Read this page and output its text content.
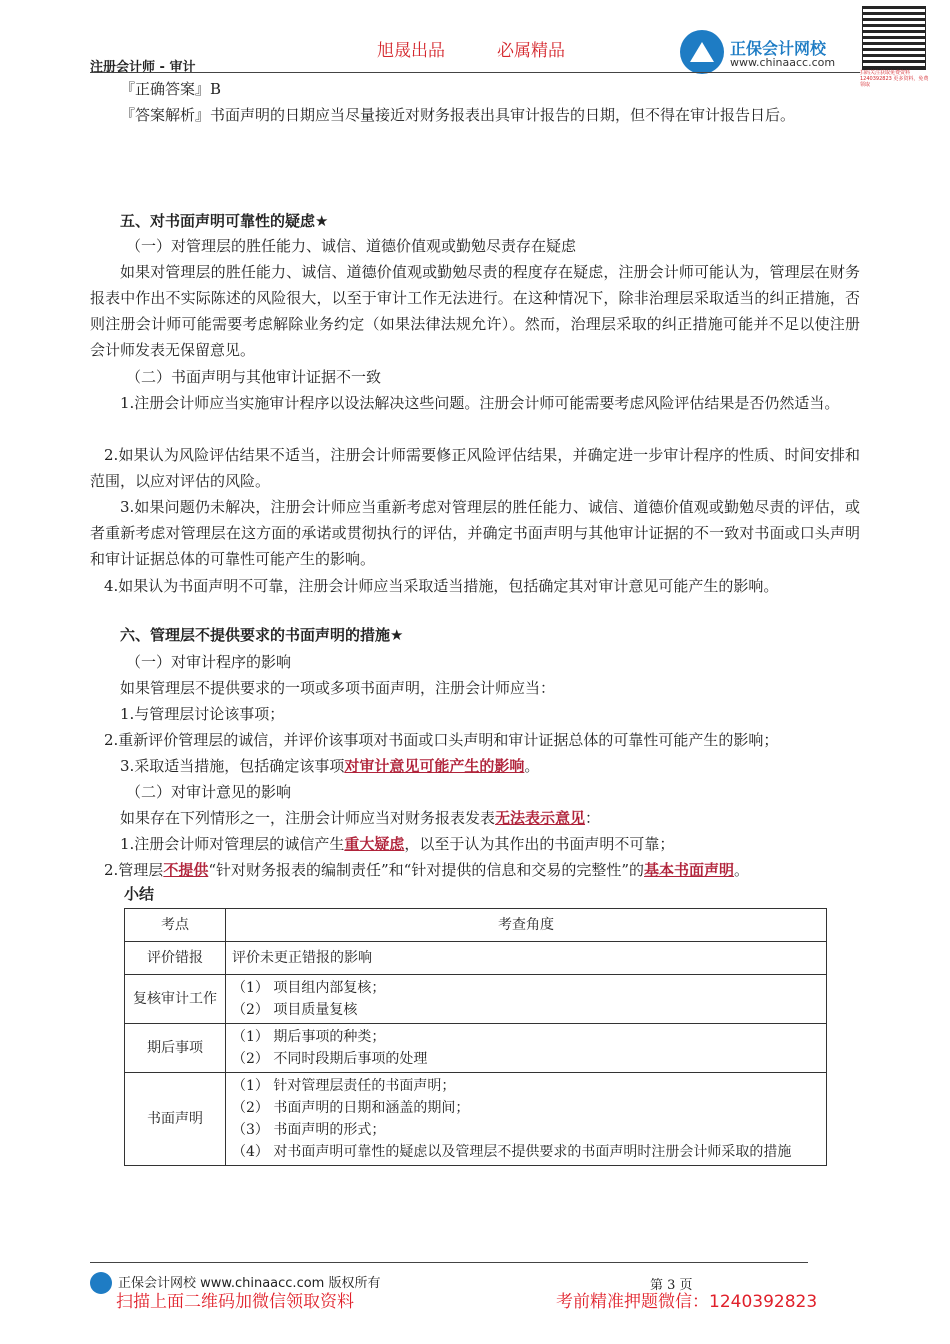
旭晟出品	必属精品
注册会计师 - 审计
正保会计网校
www.chinaacc.com
扫码关注获取免费资料 1240392823 更多资料，免费领取
『正确答案』B
『答案解析』书面声明的日期应当尽量接近对财务报表出具审计报告的日期，但不得在审计报告日后。
五、对书面声明可靠性的疑虑★
（一）对管理层的胜任能力、诚信、道德价值观或勤勉尽责存在疑虑
如果对管理层的胜任能力、诚信、道德价值观或勤勉尽责的程度存在疑虑，注册会计师可能认为，管理层在财务报表中作出不实际陈述的风险很大，以至于审计工作无法进行。在这种情况下，除非治理层采取适当的纠正措施，否则注册会计师可能需要考虑解除业务约定（如果法律法规允许）。然而，治理层采取的纠正措施可能并不足以使注册会计师发表无保留意见。
（二）书面声明与其他审计证据不一致
1.注册会计师应当实施审计程序以设法解决这些问题。注册会计师可能需要考虑风险评估结果是否仍然适当。
2.如果认为风险评估结果不适当，注册会计师需要修正风险评估结果，并确定进一步审计程序的性质、时间安排和范围，以应对评估的风险。
3.如果问题仍未解决，注册会计师应当重新考虑对管理层的胜任能力、诚信、道德价值观或勤勉尽责的评估，或者重新考虑对管理层在这方面的承诺或贯彻执行的评估，并确定书面声明与其他审计证据的不一致对书面或口头声明和审计证据总体的可靠性可能产生的影响。
4.如果认为书面声明不可靠，注册会计师应当采取适当措施，包括确定其对审计意见可能产生的影响。
六、管理层不提供要求的书面声明的措施★
（一）对审计程序的影响
如果管理层不提供要求的一项或多项书面声明，注册会计师应当：
1.与管理层讨论该事项；
2.重新评价管理层的诚信，并评价该事项对书面或口头声明和审计证据总体的可靠性可能产生的影响；
3.采取适当措施，包括确定该事项对审计意见可能产生的影响。
（二）对审计意见的影响
如果存在下列情形之一，注册会计师应当对财务报表发表无法表示意见：
1.注册会计师对管理层的诚信产生重大疑虑，以至于认为其作出的书面声明不可靠；
2.管理层不提供“针对财务报表的编制责任”和“针对提供的信息和交易的完整性”的基本书面声明。
小结
考点	考查角度
评价错报	评价未更正错报的影响
复核审计工作	（1） 项目组内部复核；
（2） 项目质量复核

期后事项	（1） 期后事项的种类；
（2） 不同时段期后事项的处理

书面声明	（1） 针对管理层责任的书面声明；
（2） 书面声明的日期和涵盖的期间；
（3） 书面声明的形式；
（4） 对书面声明可靠性的疑虑以及管理层不提供要求的书面声明时注册会计师采取的措施
正保会计网校 www.chinaacc.com 版权所有	第 3 页
扫描上面二维码加微信领取资料	考前精准押题微信：1240392823
